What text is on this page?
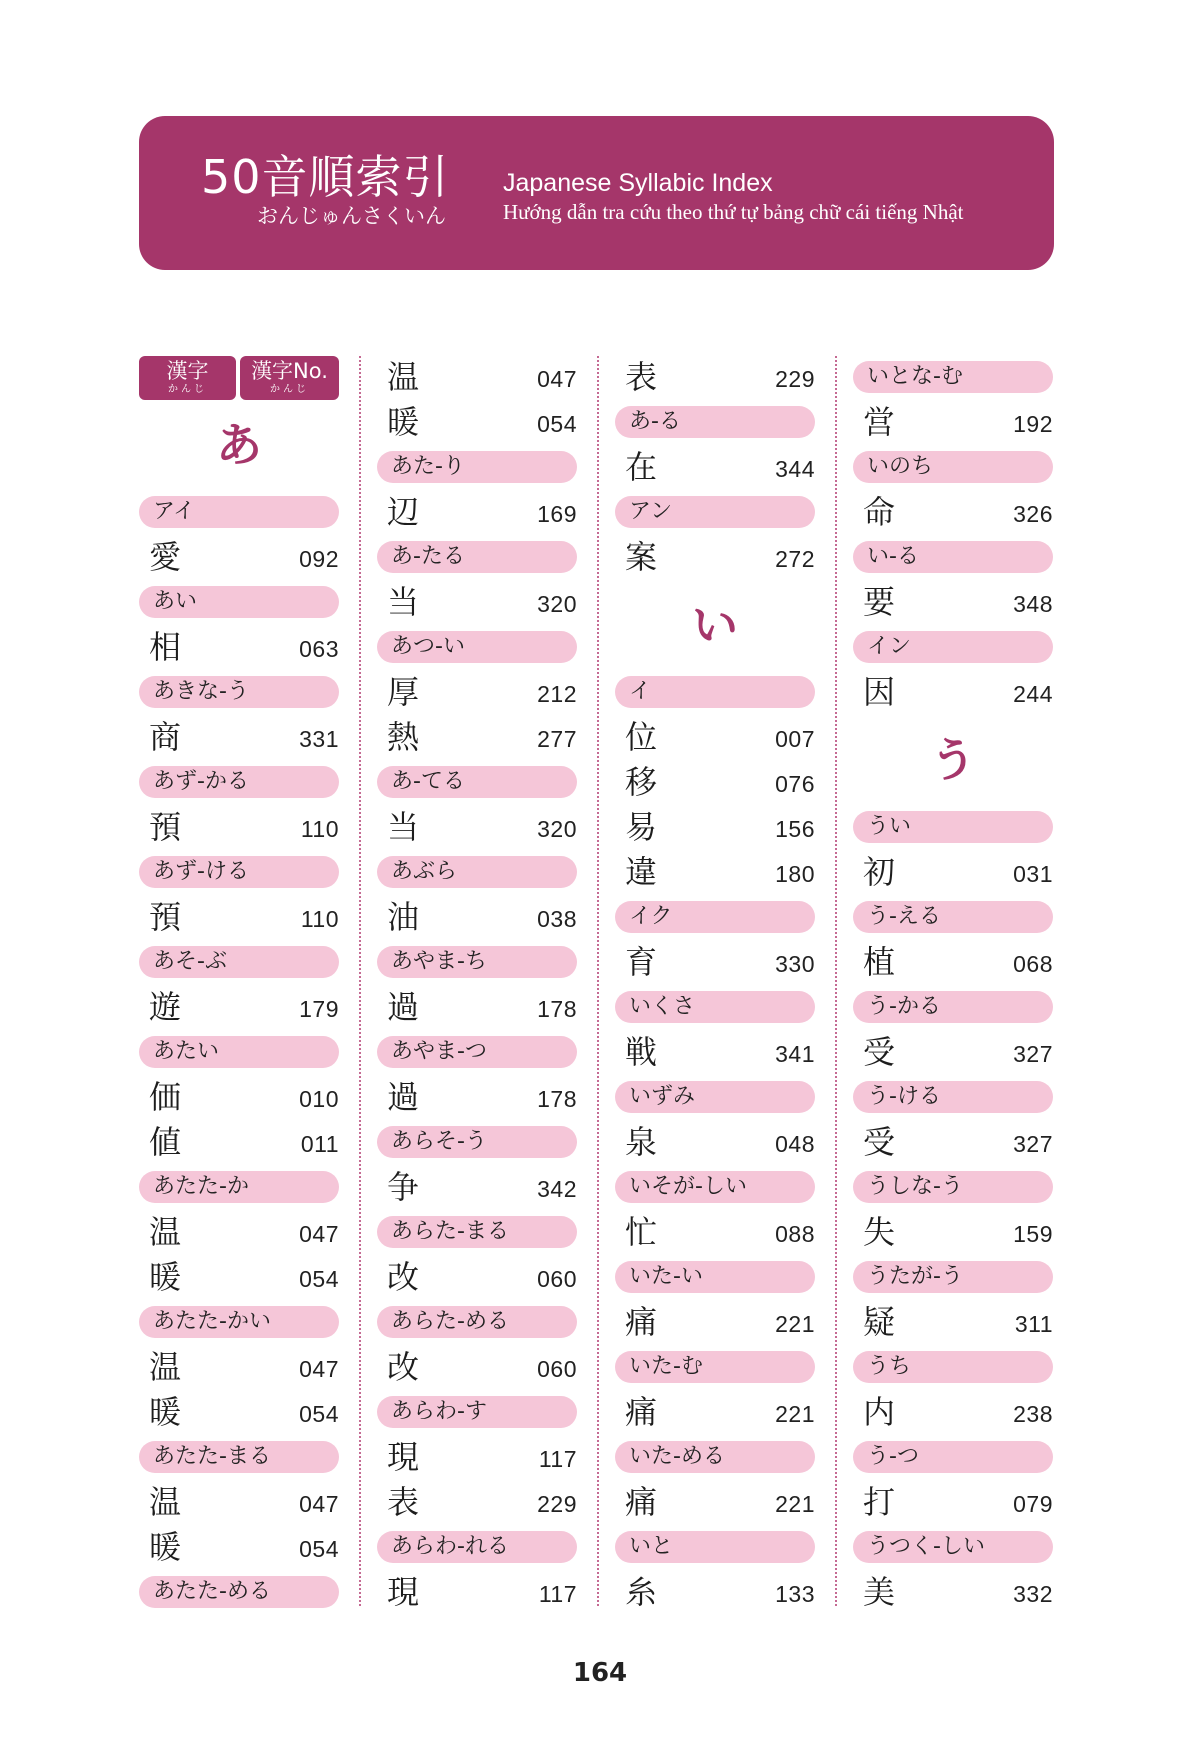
50音順索引
おんじゅんさくいん
Japanese Syllabic Index
Hướng dẫn tra cứu theo thứ tự bảng chữ cái tiếng Nhật
漢字
かんじ
漢字No.
かんじ
あ
アイ
愛	092
あい
相	063
あきな-う
商	331
あず-かる
預	110
あず-ける
預	110
あそ-ぶ
遊	179
あたい
価	010
値	011
あたた-か
温	047
暖	054
あたた-かい
温	047
暖	054
あたた-まる
温	047
暖	054
あたた-める
温	047
暖	054
あた-り
辺	169
あ-たる
当	320
あつ-い
厚	212
熱	277
あ-てる
当	320
あぶら
油	038
あやま-ち
過	178
あやま-つ
過	178
あらそ-う
争	342
あらた-まる
改	060
あらた-める
改	060
あらわ-す
現	117
表	229
あらわ-れる
現	117
表	229
あ-る
在	344
アン
案	272
い
イ
位	007
移	076
易	156
違	180
イク
育	330
いくさ
戦	341
いずみ
泉	048
いそが-しい
忙	088
いた-い
痛	221
いた-む
痛	221
いた-める
痛	221
いと
糸	133
いとな-む
営	192
いのち
命	326
い-る
要	348
イン
因	244
う
うい
初	031
う-える
植	068
う-かる
受	327
う-ける
受	327
うしな-う
失	159
うたが-う
疑	311
うち
内	238
う-つ
打	079
うつく-しい
美	332
164
